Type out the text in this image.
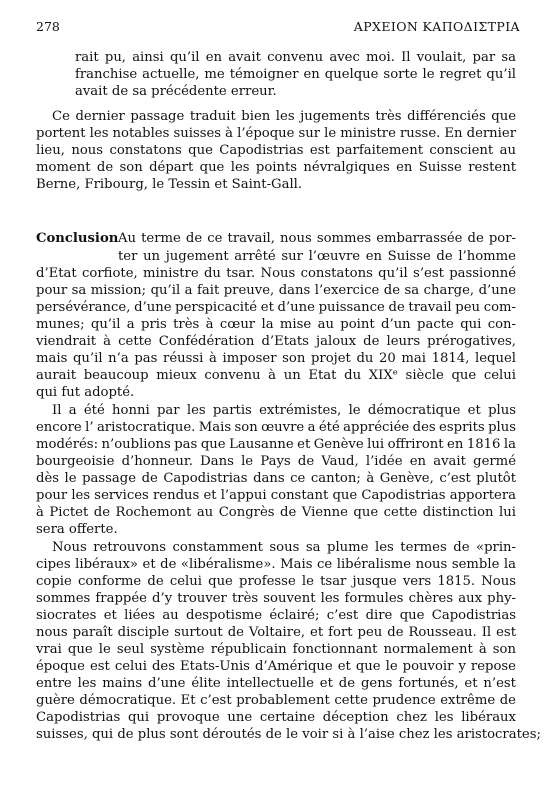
278	ΑΡΧΕΙΟΝ ΚΑΠΟΔΙΣΤΡΙΑ
rait pu, ainsi qu’il en avait convenu avec moi. Il voulait, par sa
franchise actuelle, me témoigner en quelque sorte le regret qu’il
avait de sa précédente erreur.
Ce dernier passage traduit bien les jugements très différenciés que
portent les notables suisses à l’époque sur le ministre russe. En dernier
lieu, nous constatons que Capodistrias est parfaitement conscient au
moment de son départ que les points névralgiques en Suisse restent
Berne, Fribourg, le Tessin et Saint-Gall.
Conclusion Au terme de ce travail, nous sommes embarrassée de por-
ter un jugement arrêté sur l’œuvre en Suisse de l’homme
d’Etat corfiote, ministre du tsar. Nous constatons qu’il s’est passionné
pour sa mission; qu’il a fait preuve, dans l’exercice de sa charge, d’une
persévérance, d’une perspicacité et d’une puissance de travail peu com-
munes; qu’il a pris très à cœur la mise au point d’un pacte qui con-
viendrait à cette Confédération d’Etats jaloux de leurs prérogatives,
mais qu’il n’a pas réussi à imposer son projet du 20 mai 1814, lequel
aurait beaucoup mieux convenu à un Etat du XIXᵉ siècle que celui
qui fut adopté.
Il a été honni par les partis extrémistes, le démocratique et plus
encore l’ aristocratique. Mais son œuvre a été appréciée des esprits plus
modérés: n’oublions pas que Lausanne et Genève lui offriront en 1816 la
bourgeoisie d’honneur. Dans le Pays de Vaud, l’idée en avait germé
dès le passage de Capodistrias dans ce canton; à Genève, c’est plutôt
pour les services rendus et l’appui constant que Capodistrias apportera
à Pictet de Rochemont au Congrès de Vienne que cette distinction lui
sera offerte.
Nous retrouvons constamment sous sa plume les termes de «prin-
cipes libéraux» et de «libéralisme». Mais ce libéralisme nous semble la
copie conforme de celui que professe le tsar jusque vers 1815. Nous
sommes frappée d’y trouver très souvent les formules chères aux phy-
siocrates et liées au despotisme éclairé; c’est dire que Capodistrias
nous paraît disciple surtout de Voltaire, et fort peu de Rousseau. Il est
vrai que le seul système républicain fonctionnant normalement à son
époque est celui des Etats-Unis d’Amérique et que le pouvoir y repose
entre les mains d’une élite intellectuelle et de gens fortunés, et n’est
guère démocratique. Et c’est probablement cette prudence extrême de
Capodistrias qui provoque une certaine déception chez les libéraux
suisses, qui de plus sont déroutés de le voir si à l’aise chez les aristocrates;
